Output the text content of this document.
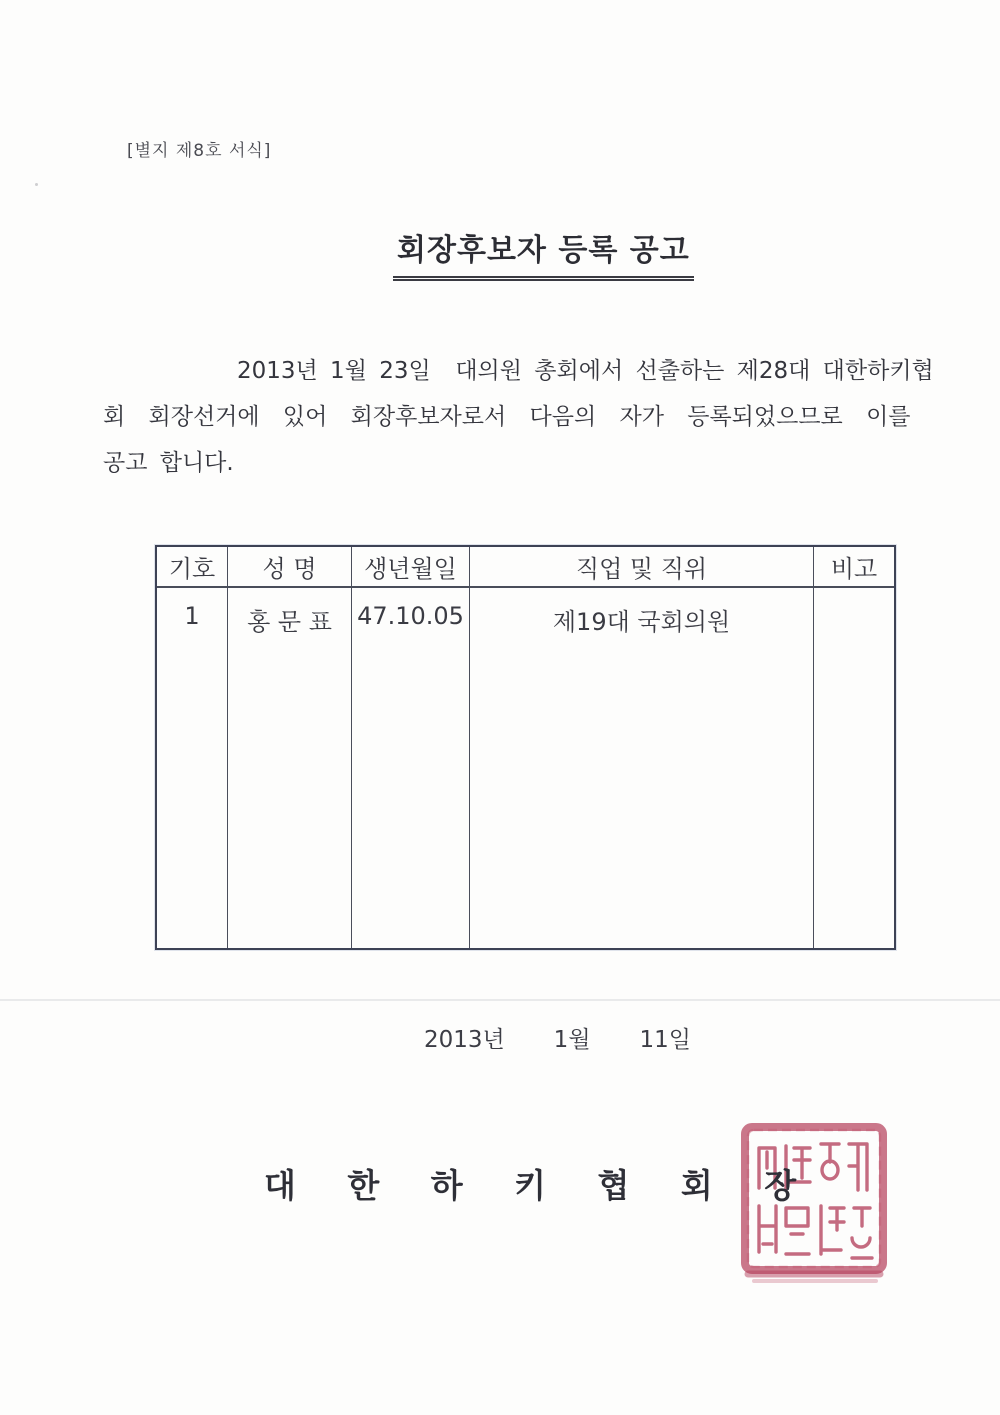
[별지 제8호 서식]
회장후보자 등록 공고
2013년 1월 23일  대의원 총회에서 선출하는 제28대 대한하키협
회 회장선거에 있어 회장후보자로서 다음의 자가 등록되었으므로 이를
공고 합니다.
기호	성 명	생년월일	직업 및 직위	비고
1	홍 문 표	47.10.05	제19대 국회의원
2013년   1월   11일
대 한 하 키 협 회 장
